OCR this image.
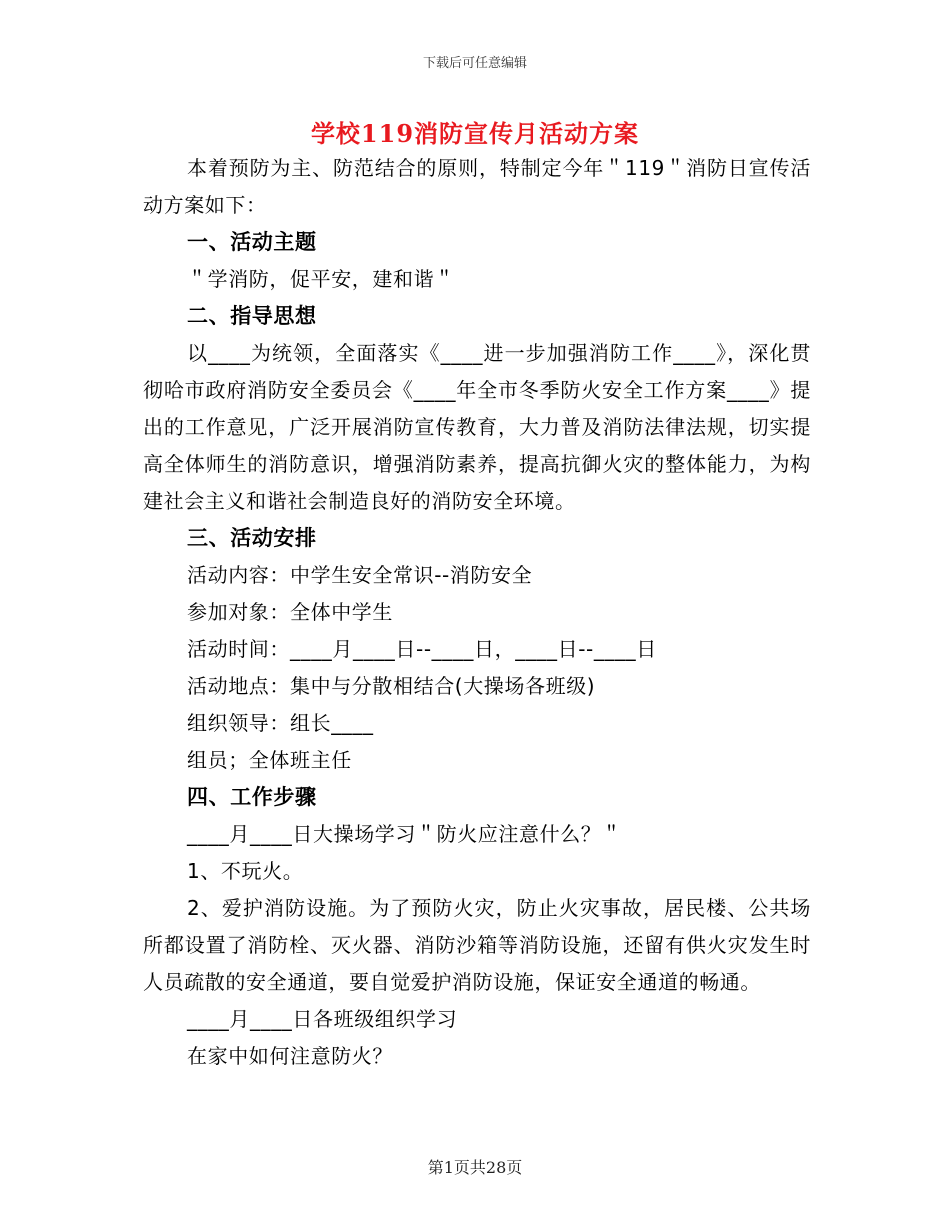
下载后可任意编辑
学校119消防宣传月活动方案

本着预防为主、防范结合的原则，特制定今年＂119＂消防日宣传活动方案如下：

一、活动主题

＂学消防，促平安，建和谐＂

二、指导思想

以____为统领，全面落实《____进一步加强消防工作____》，深化贯彻哈市政府消防安全委员会《____年全市冬季防火安全工作方案____》提出的工作意见，广泛开展消防宣传教育，大力普及消防法律法规，切实提高全体师生的消防意识，增强消防素养，提高抗御火灾的整体能力，为构建社会主义和谐社会制造良好的消防安全环境。

三、活动安排

活动内容：中学生安全常识--消防安全

参加对象：全体中学生

活动时间：____月____日--____日，____日--____日

活动地点：集中与分散相结合(大操场各班级)

组织领导：组长____

组员；全体班主任

四、工作步骤

____月____日大操场学习＂防火应注意什么？＂

1、不玩火。

2、爱护消防设施。为了预防火灾，防止火灾事故，居民楼、公共场所都设置了消防栓、灭火器、消防沙箱等消防设施，还留有供火灾发生时人员疏散的安全通道，要自觉爱护消防设施，保证安全通道的畅通。

____月____日各班级组织学习

在家中如何注意防火？

第1页共28页
